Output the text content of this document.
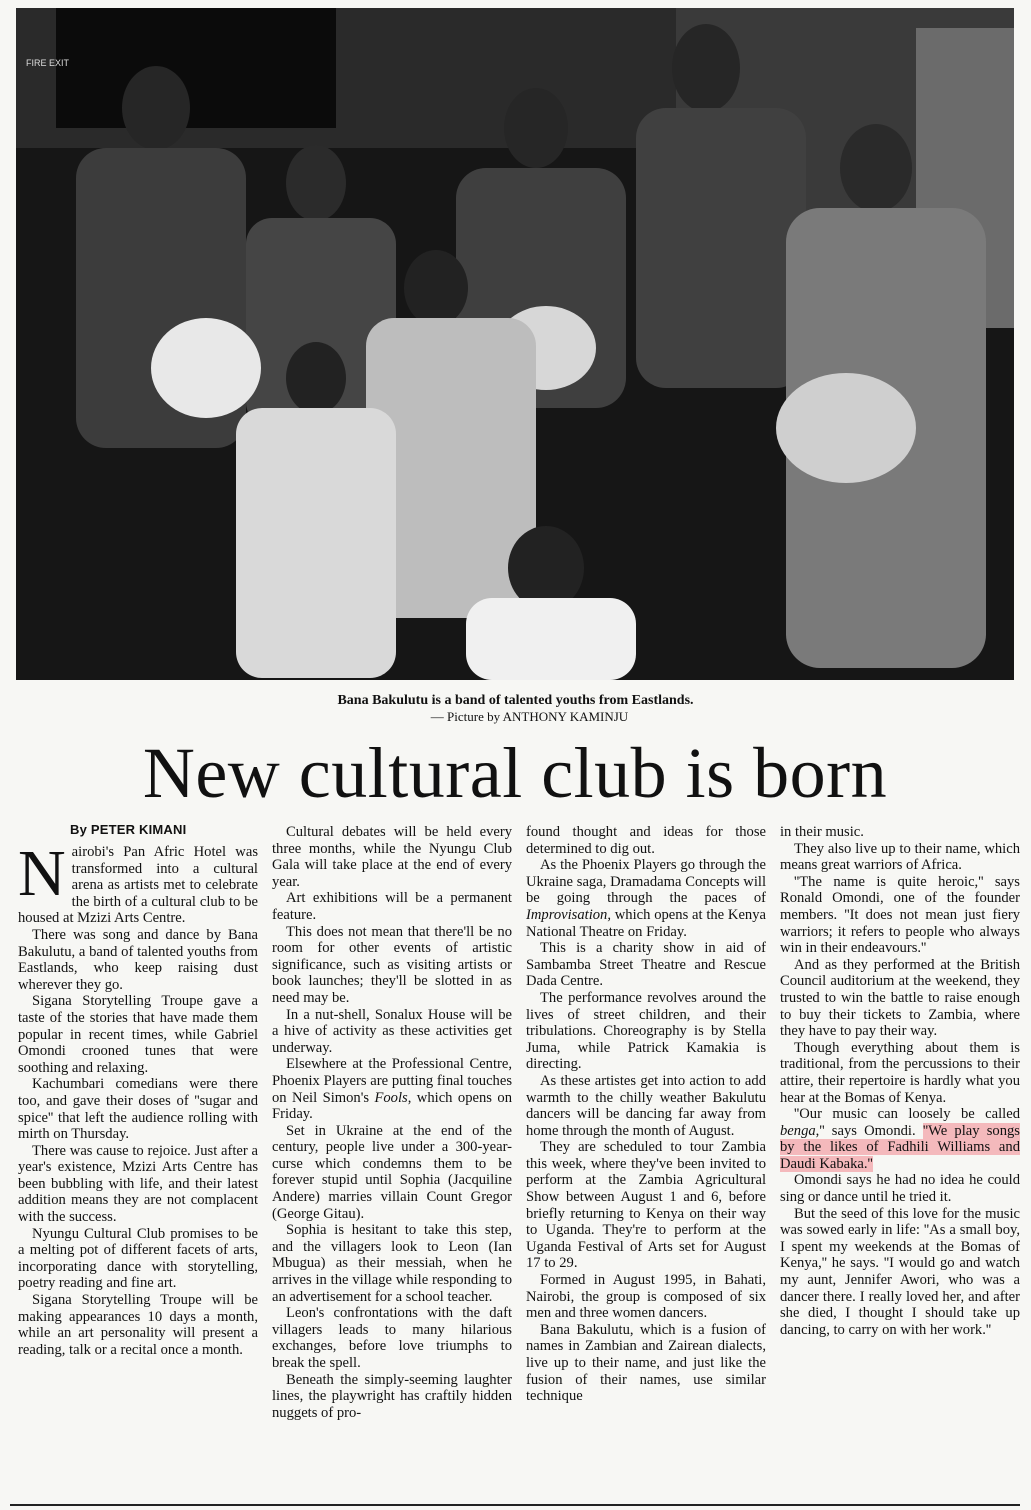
FIRE EXIT
Bana Bakulutu is a band of talented youths from Eastlands.
— Picture by ANTHONY KAMINJU
New cultural club is born
By PETER KIMANI

Nairobi's Pan Afric Hotel was transformed into a cultural arena as artists met to celebrate the birth of a cultural club to be housed at Mzizi Arts Centre.

There was song and dance by Bana Bakulutu, a band of talented youths from Eastlands, who keep raising dust wherever they go.

Sigana Storytelling Troupe gave a taste of the stories that have made them popular in recent times, while Gabriel Omondi crooned tunes that were soothing and relaxing.

Kachumbari comedians were there too, and gave their doses of ''sugar and spice'' that left the audience rolling with mirth on Thursday.

There was cause to rejoice. Just after a year's existence, Mzizi Arts Centre has been bubbling with life, and their latest addition means they are not complacent with the success.

Nyungu Cultural Club promises to be a melting pot of different facets of arts, incorporating dance with storytelling, poetry reading and fine art.

Sigana Storytelling Troupe will be making appearances 10 days a month, while an art personality will present a reading, talk or a recital once a month.

Cultural debates will be held every three months, while the Nyungu Club Gala will take place at the end of every year.

Art exhibitions will be a permanent feature.

This does not mean that there'll be no room for other events of artistic significance, such as visiting artists or book launches; they'll be slotted in as need may be.

In a nut-shell, Sonalux House will be a hive of activity as these activities get underway.

Elsewhere at the Professional Centre, Phoenix Players are putting final touches on Neil Simon's Fools, which opens on Friday.

Set in Ukraine at the end of the century, people live under a 300-year-curse which condemns them to be forever stupid until Sophia (Jacquiline Andere) marries villain Count Gregor (George Gitau).

Sophia is hesitant to take this step, and the villagers look to Leon (Ian Mbugua) as their messiah, when he arrives in the village while responding to an advertisement for a school teacher.

Leon's confrontations with the daft villagers leads to many hilarious exchanges, before love triumphs to break the spell.

Beneath the simply-seeming laughter lines, the playwright has craftily hidden nuggets of pro-

found thought and ideas for those determined to dig out.

As the Phoenix Players go through the Ukraine saga, Dramadama Concepts will be going through the paces of Improvisation, which opens at the Kenya National Theatre on Friday.

This is a charity show in aid of Sambamba Street Theatre and Rescue Dada Centre.

The performance revolves around the lives of street children, and their tribulations. Choreography is by Stella Juma, while Patrick Kamakia is directing.

As these artistes get into action to add warmth to the chilly weather Bakulutu dancers will be dancing far away from home through the month of August.

They are scheduled to tour Zambia this week, where they've been invited to perform at the Zambia Agricultural Show between August 1 and 6, before briefly returning to Kenya on their way to Uganda. They're to perform at the Uganda Festival of Arts set for August 17 to 29.

Formed in August 1995, in Bahati, Nairobi, the group is composed of six men and three women dancers.

Bana Bakulutu, which is a fusion of names in Zambian and Zairean dialects, live up to their name, and just like the fusion of their names, use similar technique

in their music.

They also live up to their name, which means great warriors of Africa.

''The name is quite heroic,'' says Ronald Omondi, one of the founder members. ''It does not mean just fiery warriors; it refers to people who always win in their endeavours.''

And as they performed at the British Council auditorium at the weekend, they trusted to win the battle to raise enough to buy their tickets to Zambia, where they have to pay their way.

Though everything about them is traditional, from the percussions to their attire, their repertoire is hardly what you hear at the Bomas of Kenya.

''Our music can loosely be called benga,'' says Omondi. ''We play songs by the likes of Fadhili Williams and Daudi Kabaka.''

Omondi says he had no idea he could sing or dance until he tried it.

But the seed of this love for the music was sowed early in life: ''As a small boy, I spent my weekends at the Bomas of Kenya,'' he says. ''I would go and watch my aunt, Jennifer Awori, who was a dancer there. I really loved her, and after she died, I thought I should take up dancing, to carry on with her work.''
